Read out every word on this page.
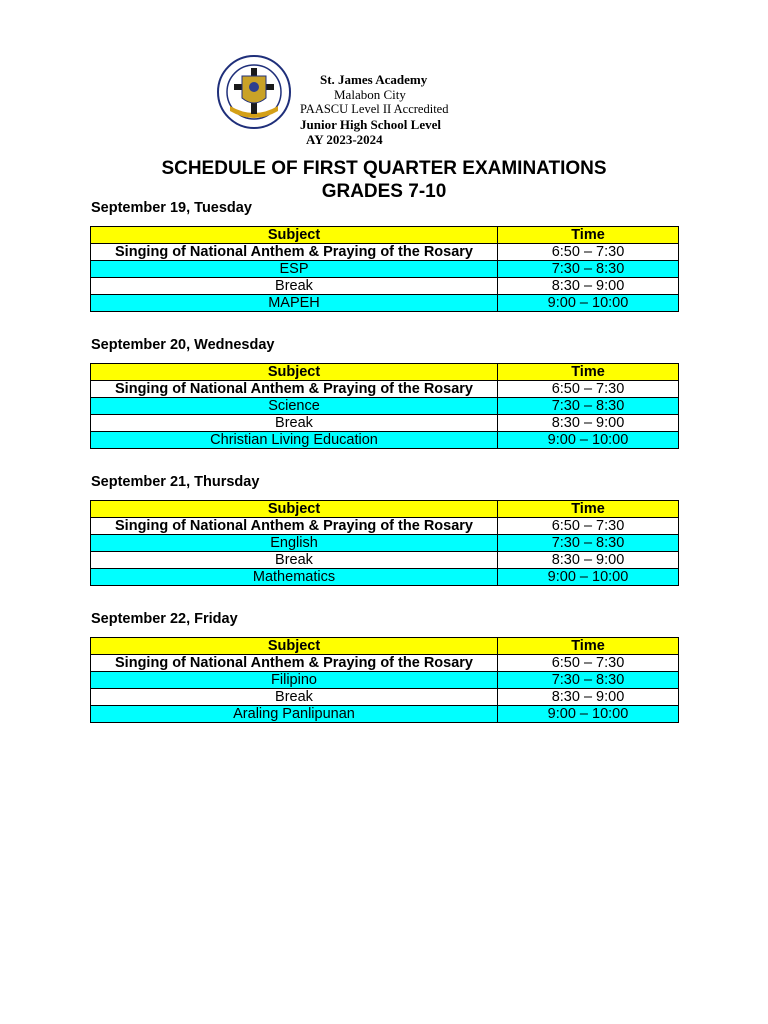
St. James Academy
Malabon City
PAASCU Level II Accredited
Junior High School Level
AY 2023-2024
SCHEDULE OF FIRST QUARTER EXAMINATIONS
GRADES 7-10
September 19, Tuesday
Subject	Time
Singing of National Anthem & Praying of the Rosary	6:50 – 7:30
ESP	7:30 – 8:30
Break	8:30 – 9:00
MAPEH	9:00 – 10:00
September 20, Wednesday
Subject	Time
Singing of National Anthem & Praying of the Rosary	6:50 – 7:30
Science	7:30 – 8:30
Break	8:30 – 9:00
Christian Living Education	9:00 – 10:00
September 21, Thursday
Subject	Time
Singing of National Anthem & Praying of the Rosary	6:50 – 7:30
English	7:30 – 8:30
Break	8:30 – 9:00
Mathematics	9:00 – 10:00
September 22, Friday
Subject	Time
Singing of National Anthem & Praying of the Rosary	6:50 – 7:30
Filipino	7:30 – 8:30
Break	8:30 – 9:00
Araling Panlipunan	9:00 – 10:00
